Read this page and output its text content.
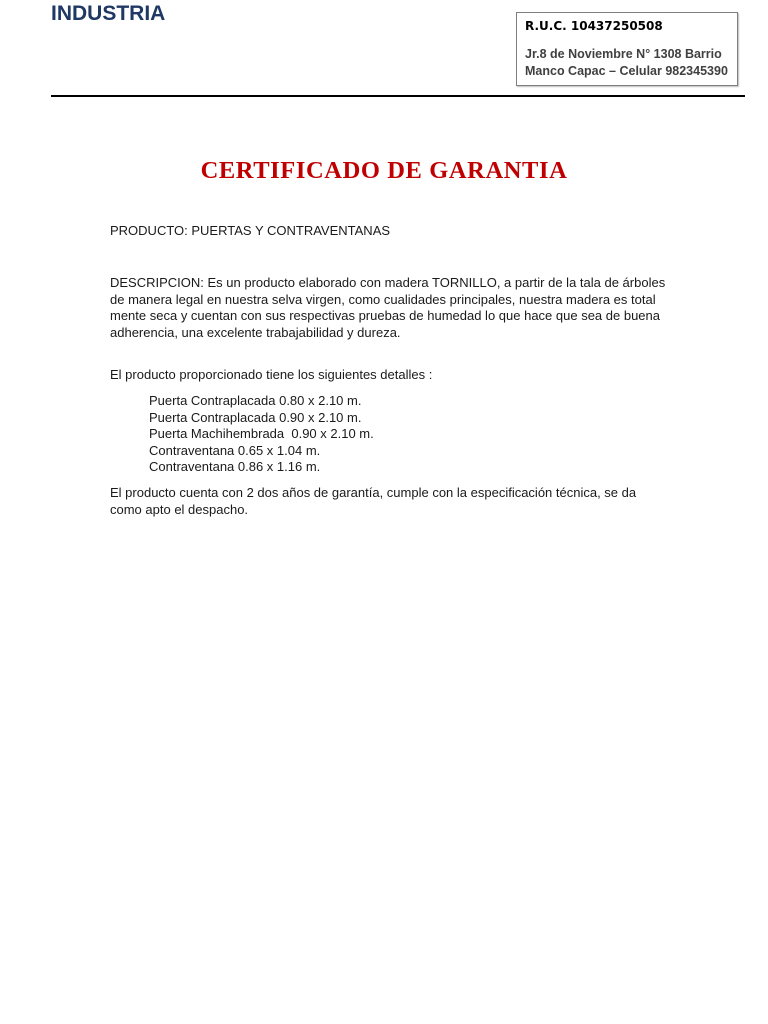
INDUSTRIA
R.U.C. 10437250508
Jr.8 de Noviembre N° 1308 Barrio Manco Capac – Celular 982345390
CERTIFICADO DE GARANTIA

PRODUCTO: PUERTAS Y CONTRAVENTANAS

DESCRIPCION: Es un producto elaborado con madera TORNILLO, a partir de la tala de árboles de manera legal en nuestra selva virgen, como cualidades principales, nuestra madera es total mente seca y cuentan con sus respectivas pruebas de humedad lo que hace que sea de buena adherencia, una excelente trabajabilidad y dureza.

El producto proporcionado tiene los siguientes detalles :

Puerta Contraplacada 0.80 x 2.10 m.
Puerta Contraplacada 0.90 x 2.10 m.
Puerta Machihembrada  0.90 x 2.10 m.
Contraventana 0.65 x 1.04 m.
Contraventana 0.86 x 1.16 m.

El producto cuenta con 2 dos años de garantía, cumple con la especificación técnica, se da como apto el despacho.
